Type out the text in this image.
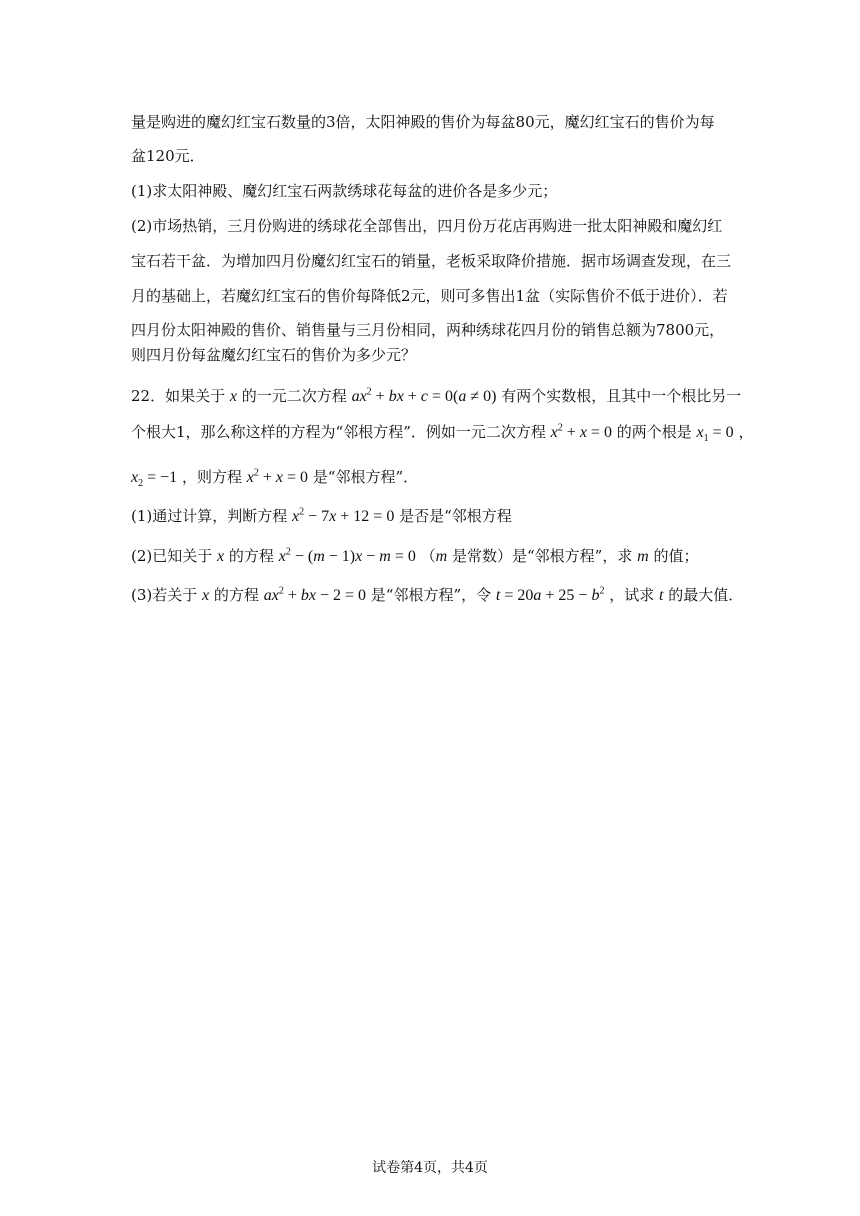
量是购进的魔幻红宝石数量的3倍，太阳神殿的售价为每盆80元，魔幻红宝石的售价为每
盆120元．
(1)求太阳神殿、魔幻红宝石两款绣球花每盆的进价各是多少元；
(2)市场热销，三月份购进的绣球花全部售出，四月份万花店再购进一批太阳神殿和魔幻红
宝石若干盆．为增加四月份魔幻红宝石的销量，老板采取降价措施．据市场调查发现，在三
月的基础上，若魔幻红宝石的售价每降低2元，则可多售出1盆（实际售价不低于进价）．若
四月份太阳神殿的售价、销售量与三月份相同，两种绣球花四月份的销售总额为7800元，
则四月份每盆魔幻红宝石的售价为多少元？
22．如果关于 x 的一元二次方程 $ax^2$ + bx + c = 0(a ≠ 0) 有两个实数根，且其中一个根比另一
个根大1，那么称这样的方程为“邻根方程”．例如一元二次方程 $x^2 + x = 0$ 的两个根是 $x_1 = 0$ ，
$x_2 = -1$ ，则方程 $x^2 + x = 0$ 是“邻根方程”．
(1)通过计算，判断方程 $x^2 - 7x + 12 = 0$ 是否是“邻根方程
(2)已知关于 x 的方程 $x^2 - (m - 1)x - m = 0$ （m 是常数）是“邻根方程”，求 m 的值；
(3)若关于 x 的方程 $ax^2$ + bx − 2 = 0 是“邻根方程”，令 $t = 20a + 25 - b^2$ ，试求 t 的最大值．
试卷第4页，共4页
